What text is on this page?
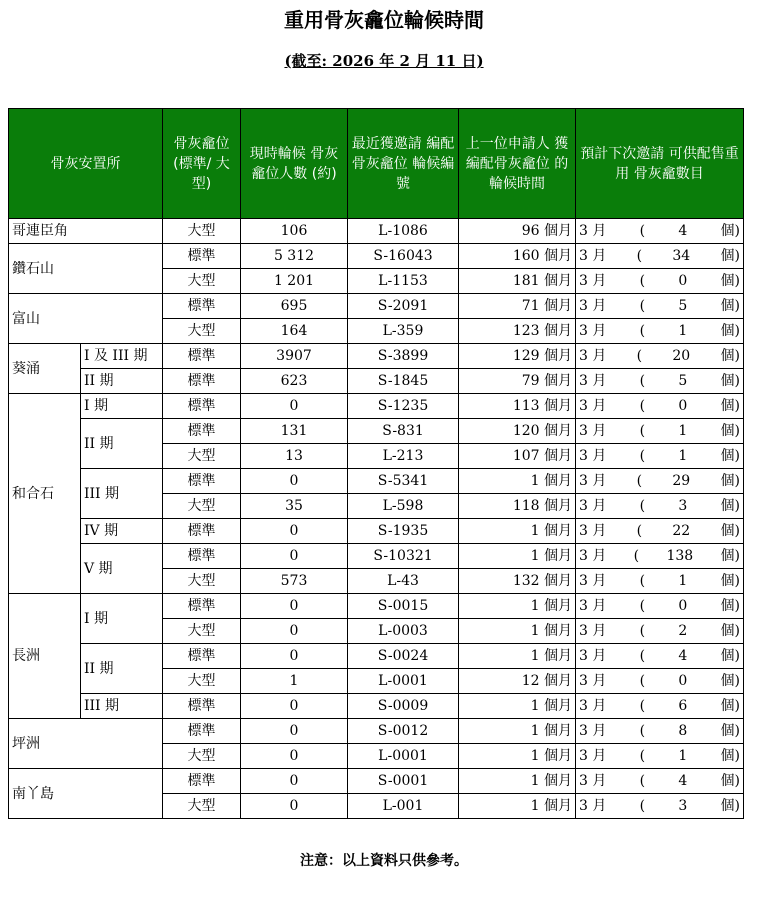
重用骨灰龕位輪候時間
(截至: 2026 年 2 月 11 日)
骨灰安置所		骨灰龕位 (標準/ 大型)	現時輪候 骨灰龕位人數 (約)	最近獲邀請 編配骨灰龕位 輪候編號	上一位申請人 獲編配骨灰龕位 的輪候時間	預計下次邀請 可供配售重用 骨灰龕數目
哥連臣角		大型	106	L-1086	96 個月	3 月 ( 4 個)

鑽石山		標準	5 312	S-16043	160 個月	3 月 ( 34 個)

		大型	1 201	L-1153	181 個月	3 月 ( 0 個)

富山		標準	695	S-2091	71 個月	3 月 ( 5 個)

		大型	164	L-359	123 個月	3 月 ( 1 個)

葵涌	I 及 III 期	標準	3907	S-3899	129 個月	3 月 ( 20 個)

	II 期	標準	623	S-1845	79 個月	3 月 ( 5 個)

和合石	I 期	標準	0	S-1235	113 個月	3 月 ( 0 個)

	II 期	標準	131	S-831	120 個月	3 月 ( 1 個)

		大型	13	L-213	107 個月	3 月 ( 1 個)

	III 期	標準	0	S-5341	1 個月	3 月 ( 29 個)

		大型	35	L-598	118 個月	3 月 ( 3 個)

	IV 期	標準	0	S-1935	1 個月	3 月 ( 22 個)

	V 期	標準	0	S-10321	1 個月	3 月 ( 138 個)

		大型	573	L-43	132 個月	3 月 ( 1 個)

長洲	I 期	標準	0	S-0015	1 個月	3 月 ( 0 個)

		大型	0	L-0003	1 個月	3 月 ( 2 個)

	II 期	標準	0	S-0024	1 個月	3 月 ( 4 個)

		大型	1	L-0001	12 個月	3 月 ( 0 個)

	III 期	標準	0	S-0009	1 個月	3 月 ( 6 個)

坪洲		標準	0	S-0012	1 個月	3 月 ( 8 個)

		大型	0	L-0001	1 個月	3 月 ( 1 個)

南丫島		標準	0	S-0001	1 個月	3 月 ( 4 個)

		大型	0	L-001	1 個月	3 月 ( 3 個)
注意：以上資料只供參考。
